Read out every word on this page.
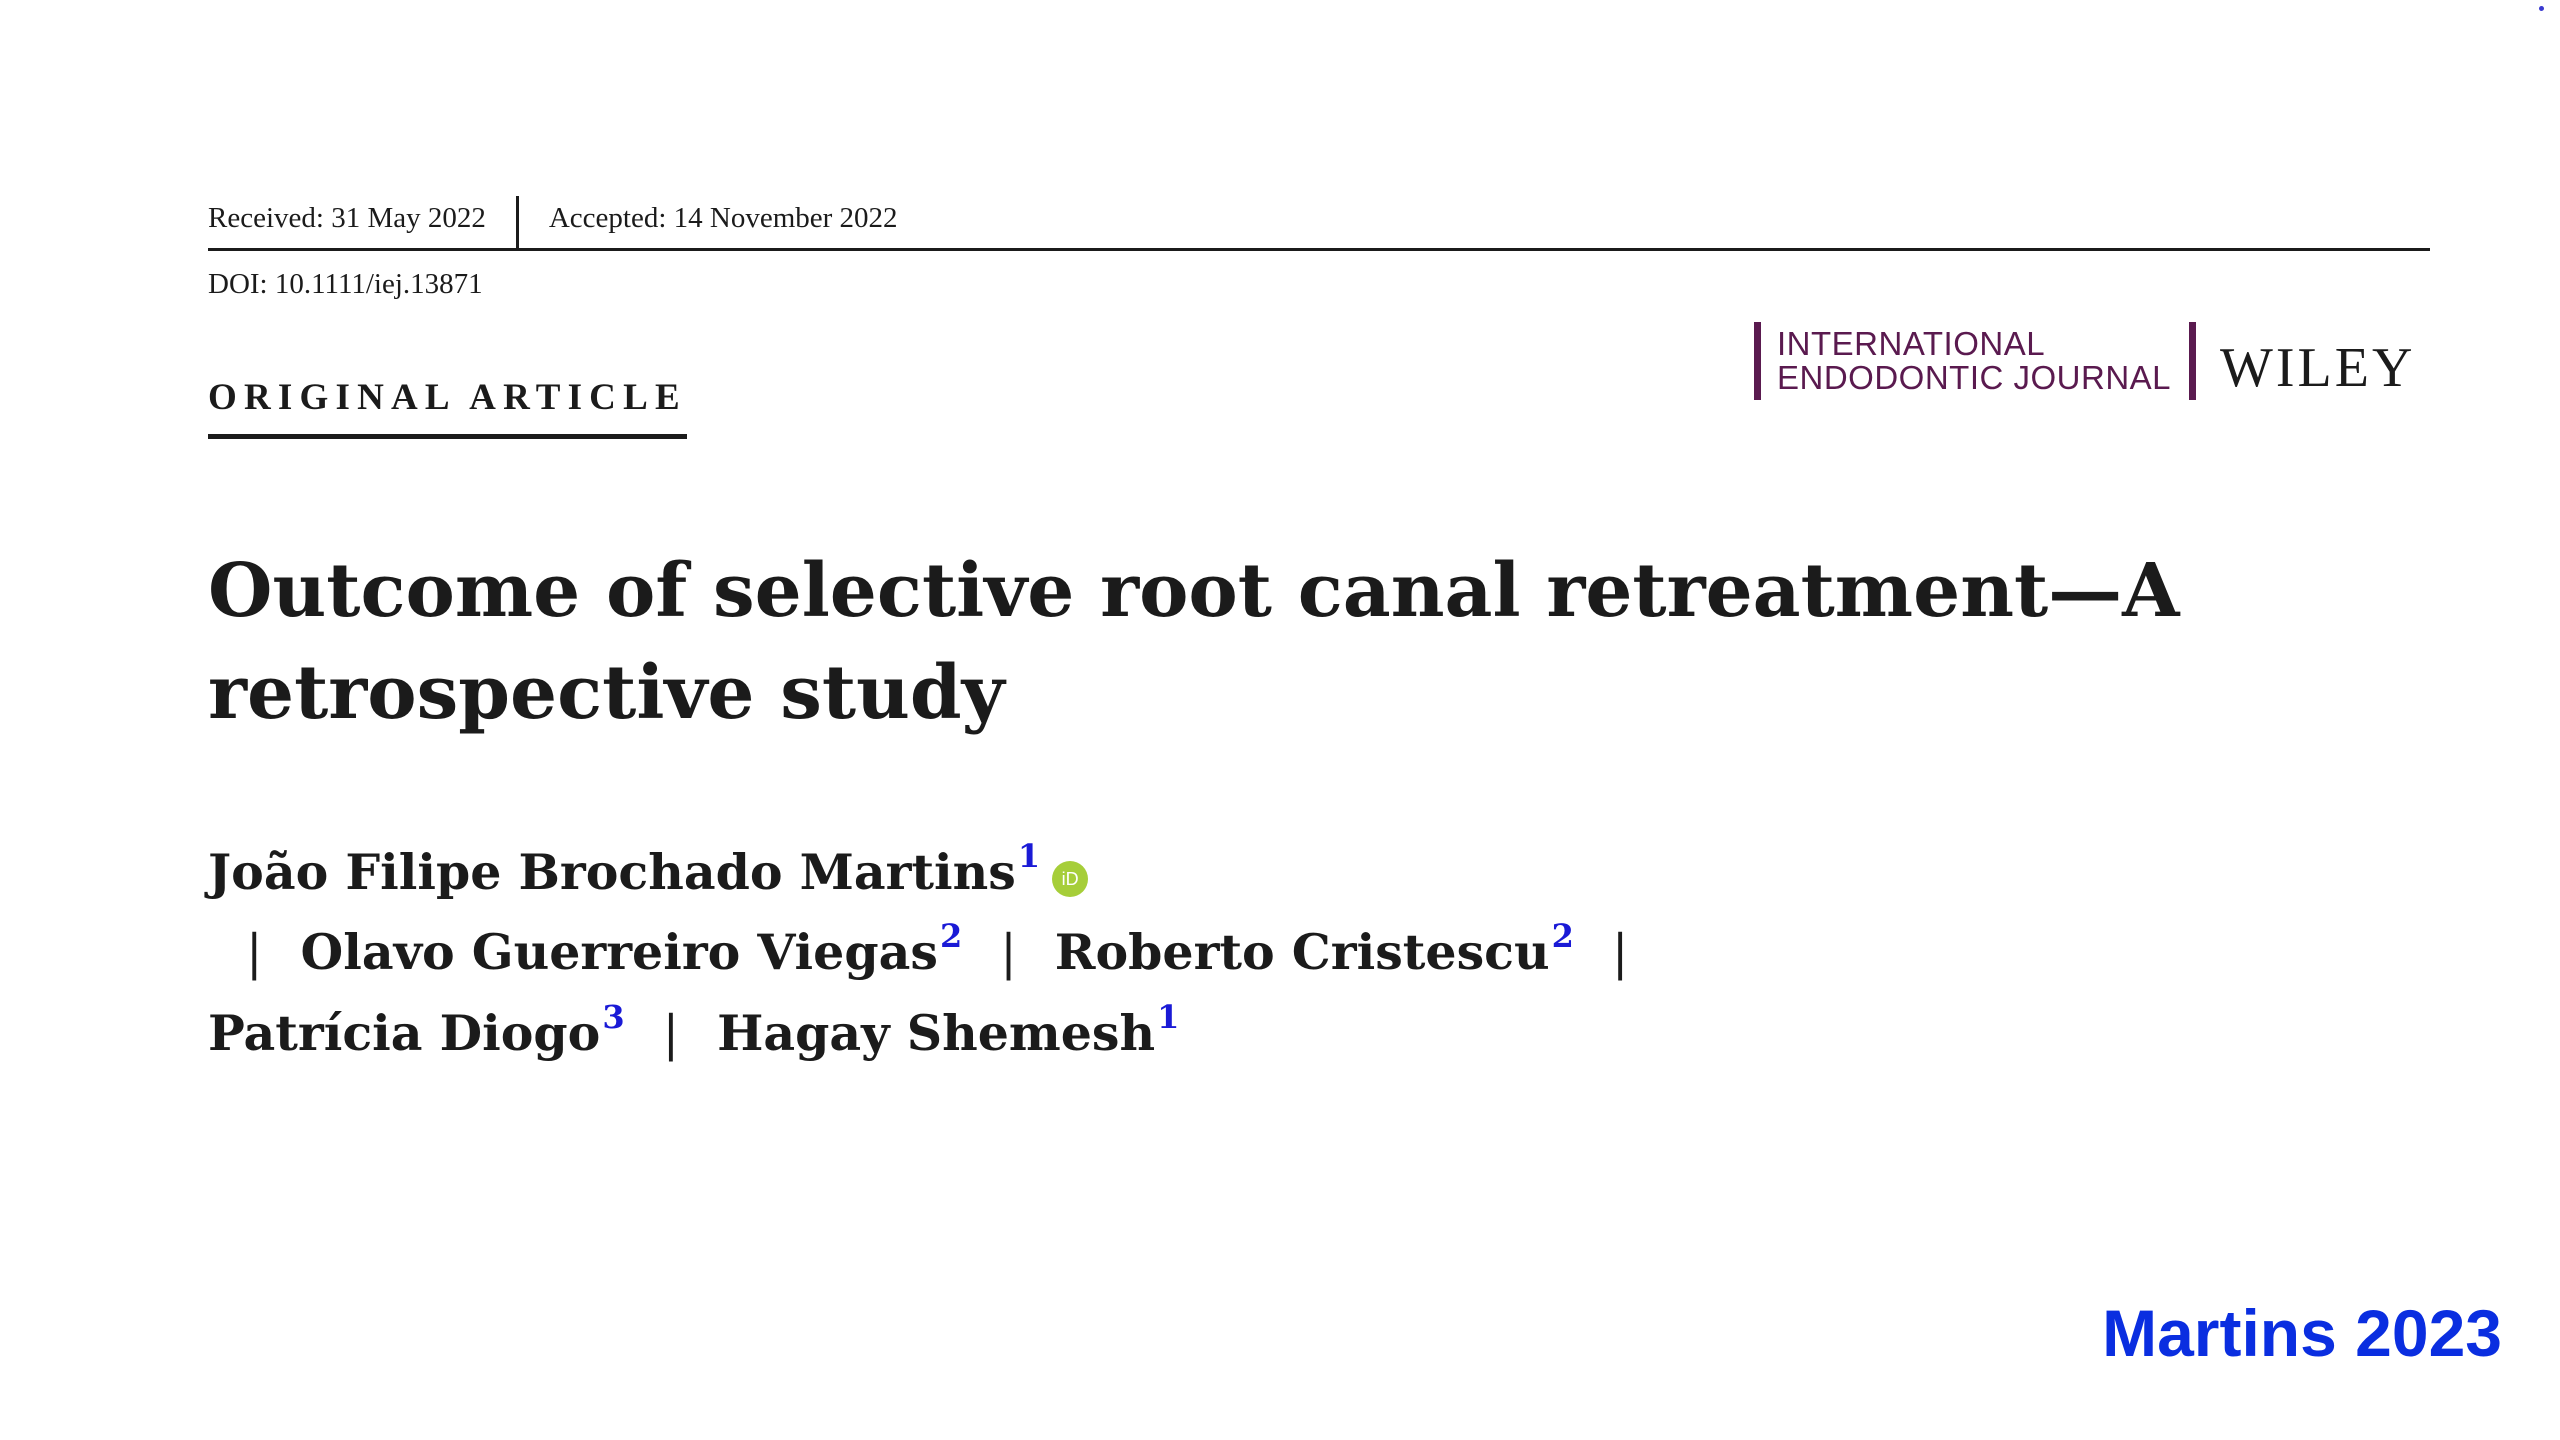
Received: 31 May 2022	Accepted: 14 November 2022
DOI: 10.1111/iej.13871
ORIGINAL ARTICLE
INTERNATIONAL
ENDODONTIC JOURNAL WILEY
Outcome of selective root canal retreatment—A
retrospective study
João Filipe Brochado Martins$^1$iD| Olavo Guerreiro Viegas$^2$ | Roberto Cristescu$^2$ |
Patrícia Diogo$^3$ | Hagay Shemesh$^1$
Martins 2023
